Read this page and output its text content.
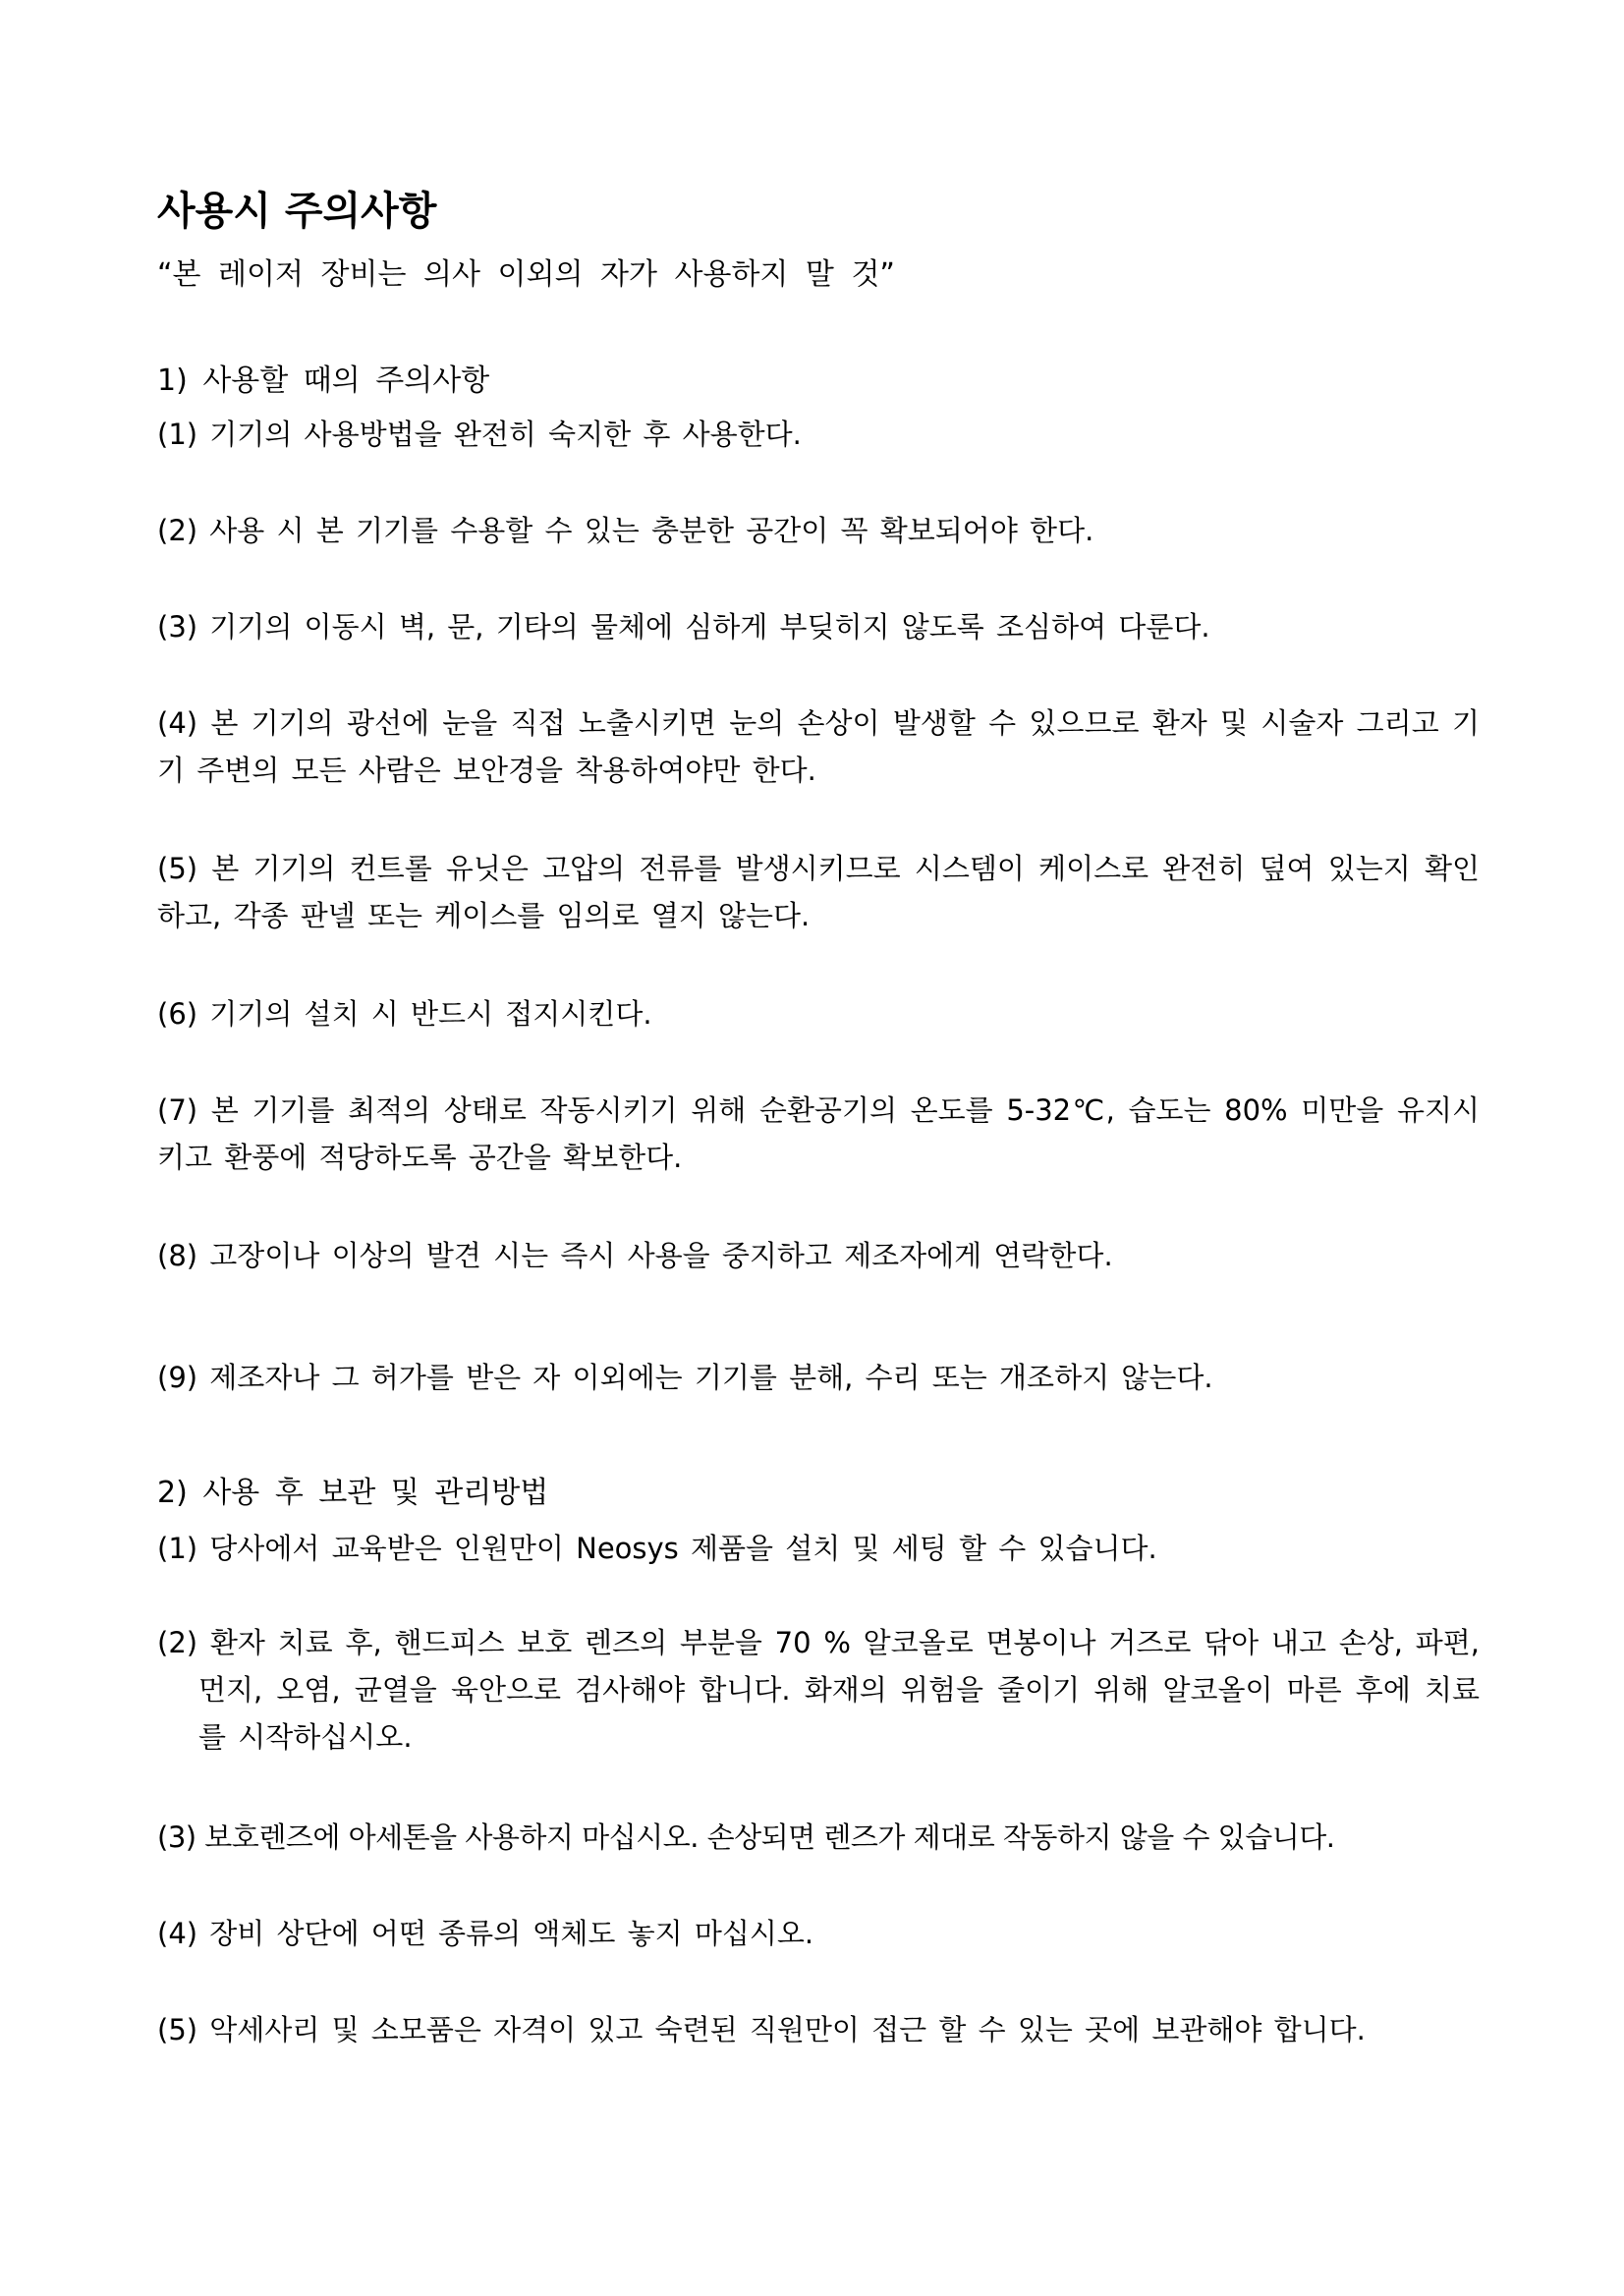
사용시 주의사항
“본 레이저 장비는 의사 이외의 자가 사용하지 말 것”
1) 사용할 때의 주의사항
(1) 기기의 사용방법을 완전히 숙지한 후 사용한다.
(2) 사용 시 본 기기를 수용할 수 있는 충분한 공간이 꼭 확보되어야 한다.
(3) 기기의 이동시 벽, 문, 기타의 물체에 심하게 부딪히지 않도록 조심하여 다룬다.
(4) 본 기기의 광선에 눈을 직접 노출시키면 눈의 손상이 발생할 수 있으므로 환자 및 시술자 그리고 기기 주변의 모든 사람은 보안경을 착용하여야만 한다.
(5) 본 기기의 컨트롤 유닛은 고압의 전류를 발생시키므로 시스템이 케이스로 완전히 덮여 있는지 확인하고, 각종 판넬 또는 케이스를 임의로 열지 않는다.
(6) 기기의 설치 시 반드시 접지시킨다.
(7) 본 기기를 최적의 상태로 작동시키기 위해 순환공기의 온도를 5-32℃, 습도는 80% 미만을 유지시키고 환풍에 적당하도록 공간을 확보한다.
(8) 고장이나 이상의 발견 시는 즉시 사용을 중지하고 제조자에게 연락한다.
(9) 제조자나 그 허가를 받은 자 이외에는 기기를 분해, 수리 또는 개조하지 않는다.
2) 사용 후 보관 및 관리방법
(1) 당사에서 교육받은 인원만이 Neosys 제품을 설치 및 세팅 할 수 있습니다.
(2) 환자 치료 후, 핸드피스 보호 렌즈의 부분을 70 % 알코올로 면봉이나 거즈로 닦아 내고 손상, 파편, 먼지, 오염, 균열을 육안으로 검사해야 합니다. 화재의 위험을 줄이기 위해 알코올이 마른 후에 치료를 시작하십시오.
(3) 보호렌즈에 아세톤을 사용하지 마십시오. 손상되면 렌즈가 제대로 작동하지 않을 수 있습니다.
(4) 장비 상단에 어떤 종류의 액체도 놓지 마십시오.
(5) 악세사리 및 소모품은 자격이 있고 숙련된 직원만이 접근 할 수 있는 곳에 보관해야 합니다.
